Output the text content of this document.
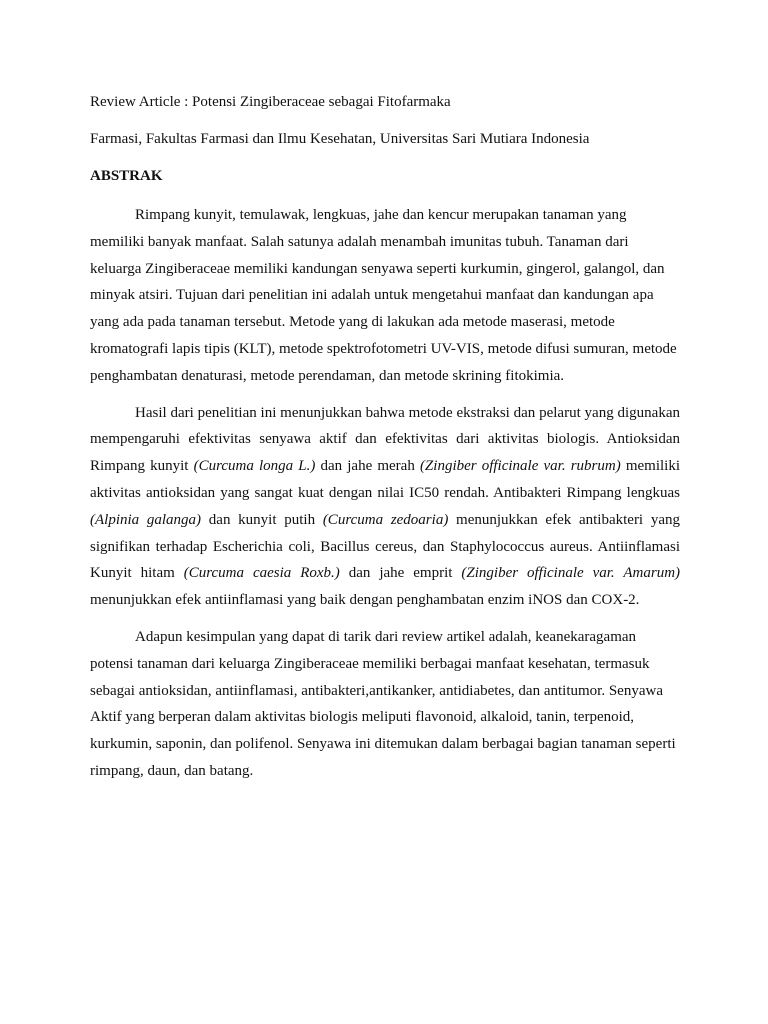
Review Article : Potensi Zingiberaceae sebagai Fitofarmaka

Farmasi, Fakultas Farmasi dan Ilmu Kesehatan, Universitas Sari Mutiara Indonesia

ABSTRAK

Rimpang kunyit, temulawak, lengkuas, jahe dan kencur merupakan tanaman yang memiliki banyak manfaat. Salah satunya adalah menambah imunitas tubuh. Tanaman dari keluarga Zingiberaceae memiliki kandungan senyawa seperti kurkumin, gingerol, galangol, dan minyak atsiri. Tujuan dari penelitian ini adalah untuk mengetahui manfaat dan kandungan apa yang ada pada tanaman tersebut. Metode yang di lakukan ada metode maserasi, metode kromatografi lapis tipis (KLT), metode spektrofotometri UV-VIS, metode difusi sumuran, metode penghambatan denaturasi, metode perendaman, dan metode skrining fitokimia.

Hasil dari penelitian ini menunjukkan bahwa metode ekstraksi dan pelarut yang digunakan mempengaruhi efektivitas senyawa aktif dan efektivitas dari aktivitas biologis. Antioksidan Rimpang kunyit (Curcuma longa L.) dan jahe merah (Zingiber officinale var. rubrum) memiliki aktivitas antioksidan yang sangat kuat dengan nilai IC50 rendah. Antibakteri Rimpang lengkuas (Alpinia galanga) dan kunyit putih (Curcuma zedoaria) menunjukkan efek antibakteri yang signifikan terhadap Escherichia coli, Bacillus cereus, dan Staphylococcus aureus. Antiinflamasi Kunyit hitam (Curcuma caesia Roxb.) dan jahe emprit (Zingiber officinale var. Amarum) menunjukkan efek antiinflamasi yang baik dengan penghambatan enzim iNOS dan COX-2.

Adapun kesimpulan yang dapat di tarik dari review artikel adalah, keanekaragaman potensi tanaman dari keluarga Zingiberaceae memiliki berbagai manfaat kesehatan, termasuk sebagai antioksidan, antiinflamasi, antibakteri,antikanker, antidiabetes, dan antitumor. Senyawa Aktif yang berperan dalam aktivitas biologis meliputi flavonoid, alkaloid, tanin, terpenoid, kurkumin, saponin, dan polifenol. Senyawa ini ditemukan dalam berbagai bagian tanaman seperti rimpang, daun, dan batang.
